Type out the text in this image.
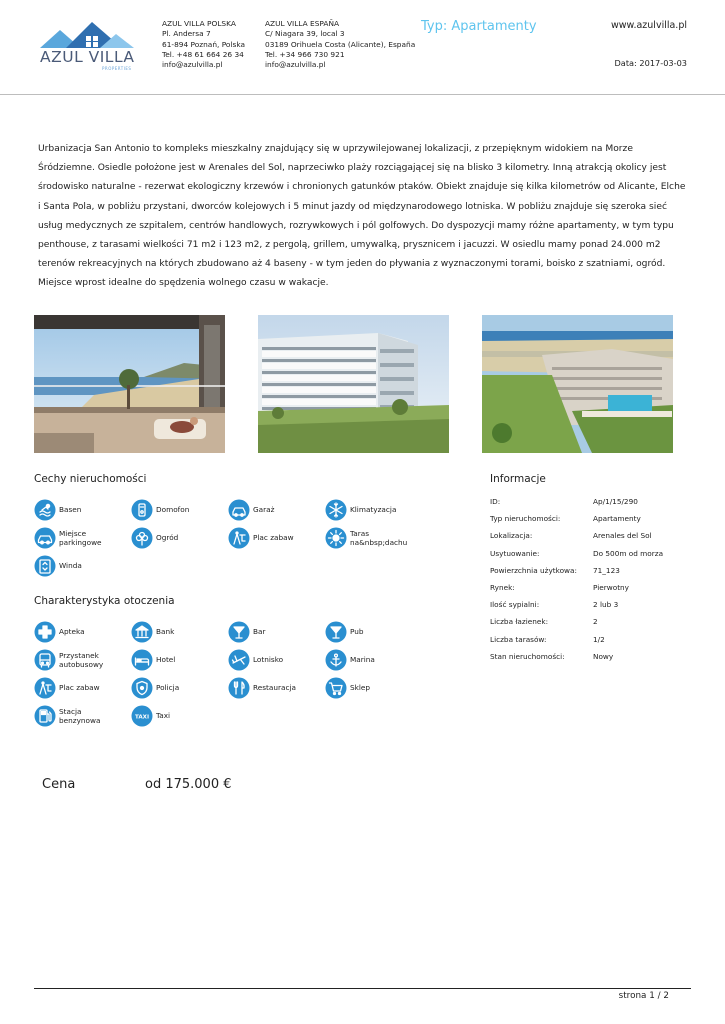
AZUL VILLA
PROPERTIES
AZUL VILLA POLSKA
Pl. Andersa 7
61-894 Poznań, Polska
Tel. +48 61 664 26 34
info@azulvilla.pl
AZUL VILLA ESPAÑA
C/ Niagara 39, local 3
03189 Orihuela Costa (Alicante), España
Tel. +34 966 730 921
info@azulvilla.pl
Typ: Apartamenty	www.azulvilla.pl
Data: 2017-03-03
Urbanizacja San Antonio to kompleks mieszkalny znajdujący się w uprzywilejowanej lokalizacji, z przepięknym widokiem na Morze Śródziemne. Osiedle położone jest w Arenales del Sol, naprzeciwko plaży rozciągającej się na blisko 3 kilometry. Inną atrakcją okolicy jest środowisko naturalne - rezerwat ekologiczny krzewów i chronionych gatunków ptaków. Obiekt znajduje się kilka kilometrów od Alicante, Elche i Santa Pola, w pobliżu przystani, dworców kolejowych i 5 minut jazdy od międzynarodowego lotniska. W pobliżu znajduje się szeroka sieć usług medycznych ze szpitalem, centrów handlowych, rozrywkowych i pól golfowych. Do dyspozycji mamy różne apartamenty, w tym typu penthouse, z tarasami wielkości 71 m2 i 123 m2, z pergolą, grillem, umywalką, prysznicem i jacuzzi. W osiedlu mamy ponad 24.000 m2 terenów rekreacyjnych na których zbudowano aż 4 baseny - w tym jeden do pływania z wyznaczonymi torami, boisko z szatniami, ogród. Miejsce wprost idealne do spędzenia wolnego czasu w wakacje.
Cechy nieruchomości
Basen	Domofon	Garaż	Klimatyzacja
Miejsce parkingowe
Ogród	Plac zabaw
Taras na&nbsp;dachu
Winda
Charakterystyka otoczenia
Apteka	Bank	Bar	Pub
Przystanek autobusowy
Hotel	Lotnisko	Marina
Plac zabaw	Policja	Restauracja	Sklep
Stacja benzynowa	TAXI Taxi
Informacje
ID:	Ap/1/15/290
Typ nieruchomości:	Apartamenty
Lokalizacja:	Arenales del Sol
Usytuowanie:	Do 500m od morza
Powierzchnia użytkowa: 71_123
Rynek:	Pierwotny
Ilość sypialni:	2 lub 3
Liczba łazienek:	2
Liczba tarasów:	1/2
Stan nieruchomości:	Nowy
Cena	od 175.000 €
strona 1 / 2
